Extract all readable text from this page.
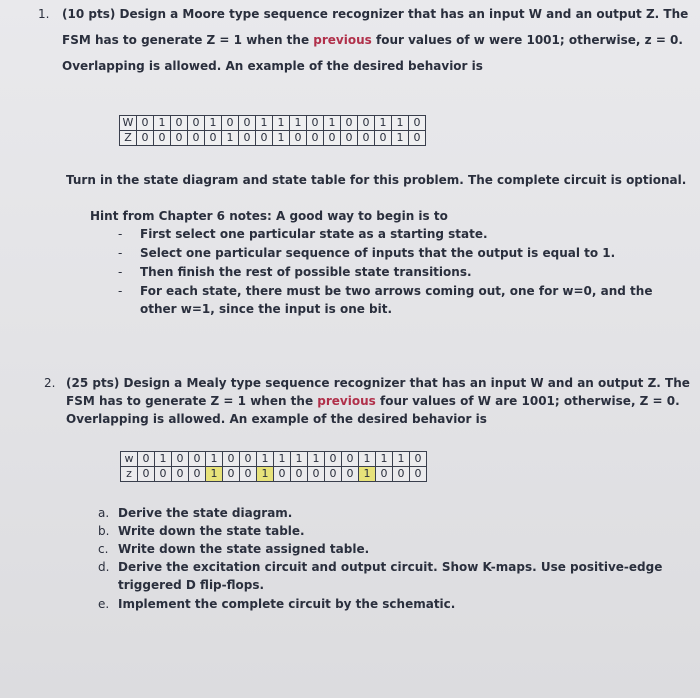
1. (10 pts) Design a Moore type sequence recognizer that has an input W and an output Z. The
FSM has to generate Z = 1 when the previous four values of w were 1001; otherwise, z = 0.
Overlapping is allowed. An example of the desired behavior is
W	0	1	0	0	1	0	0	1	1	1	0	1	0	0	1	1	0
Z	0	0	0	0	0	1	0	0	1	0	0	0	0	0	0	1	0
Turn in the state diagram and state table for this problem. The complete circuit is optional.
Hint from Chapter 6 notes: A good way to begin is to
- First select one particular state as a starting state.
- Select one particular sequence of inputs that the output is equal to 1.
- Then finish the rest of possible state transitions.
- For each state, there must be two arrows coming out, one for w=0, and the
other w=1, since the input is one bit.
2. (25 pts) Design a Mealy type sequence recognizer that has an input W and an output Z. The
FSM has to generate Z = 1 when the previous four values of W are 1001; otherwise, Z = 0.
Overlapping is allowed. An example of the desired behavior is
w	0	1	0	0	1	0	0	1	1	1	1	0	0	1	1	1	0
z	0	0	0	0	1	0	0	1	0	0	0	0	0	1	0	0	0
a. Derive the state diagram.
b. Write down the state table.
c. Write down the state assigned table.
d. Derive the excitation circuit and output circuit. Show K-maps. Use positive-edge
triggered D flip-flops.
e. Implement the complete circuit by the schematic.
